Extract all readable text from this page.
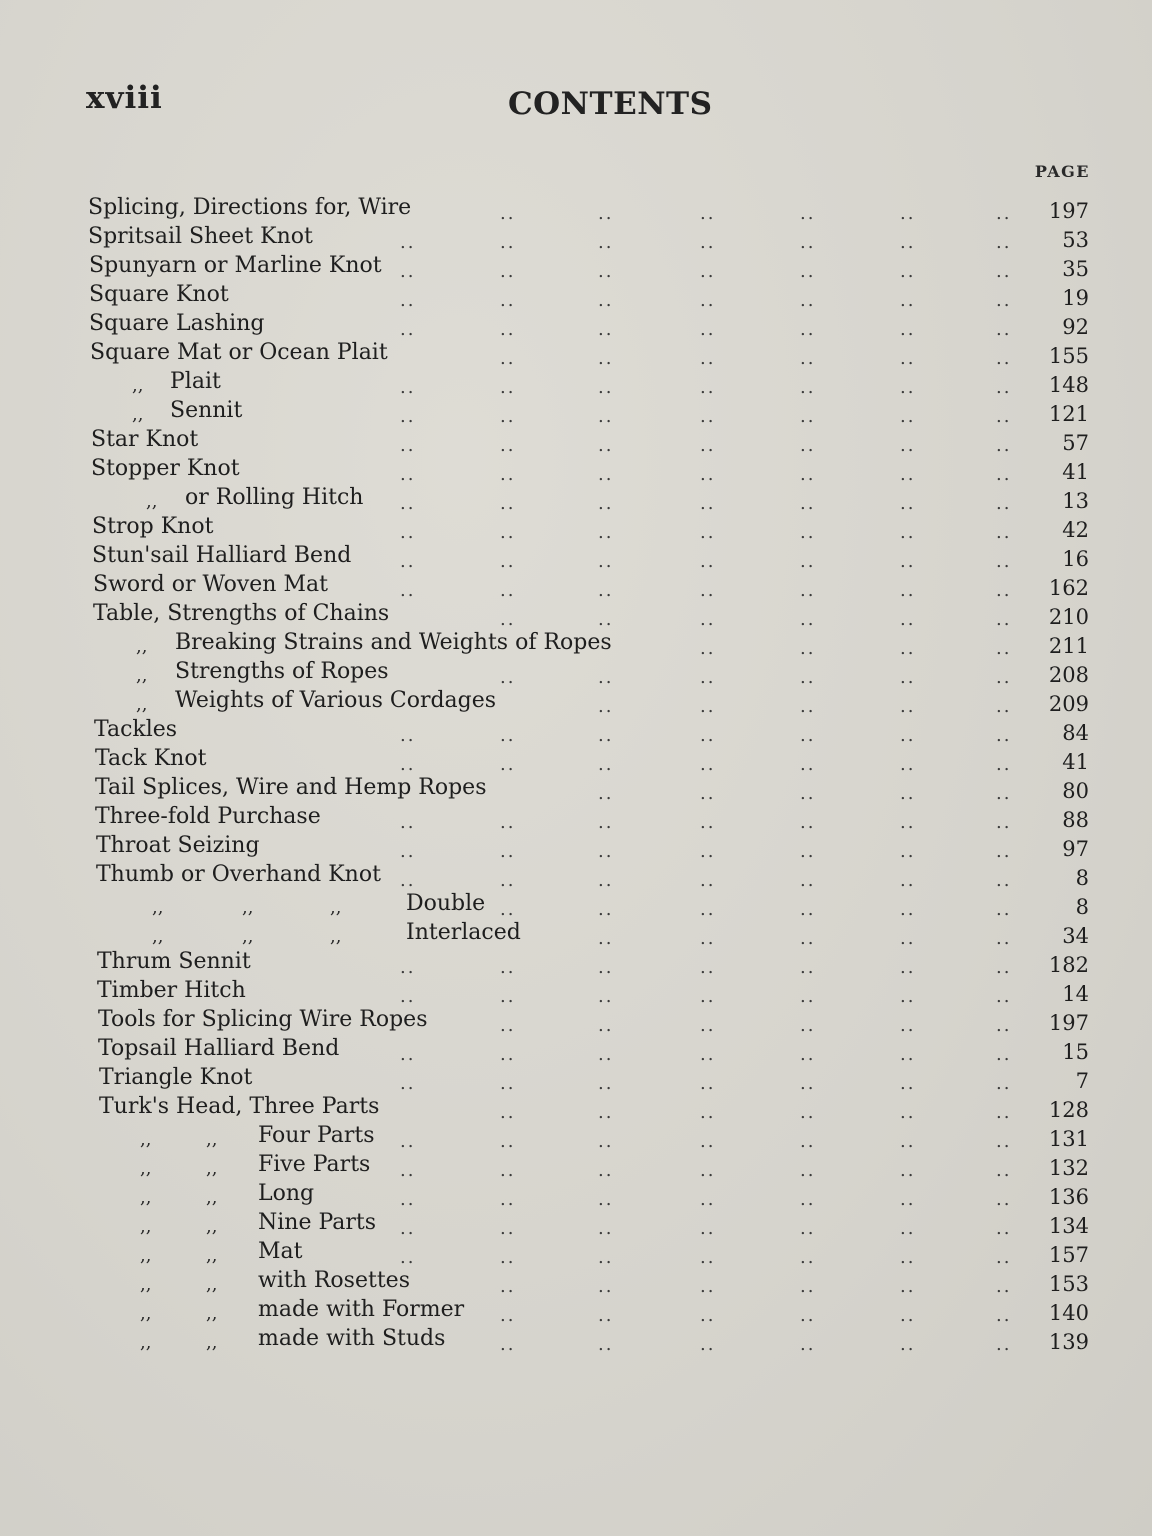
xviii	CONTENTS
PAGE
Splicing, Directions for, Wire	..	..	..	..	..	.. 197
Spritsail Sheet Knot	..	..	..	..	..	..	.. 53
Spunyarn or Marline Knot ..	..	..	..	..	..	.. 35
Square Knot	..	..	..	..	..	..	.. 19
Square Lashing	..	..	..	..	..	..	.. 92
Square Mat or Ocean Plait	..	..	..	..	..	.. 155
,, Plait	..	..	..	..	..	..	.. 148
,, Sennit	..	..	..	..	..	..	.. 121
Star Knot	..	..	..	..	..	..	.. 57
Stopper Knot	..	..	..	..	..	..	.. 41
,, or Rolling Hitch ..	..	..	..	..	..	.. 13
Strop Knot	..	..	..	..	..	..	.. 42
Stun'sail Halliard Bend	..	..	..	..	..	..	.. 16
Sword or Woven Mat	..	..	..	..	..	..	.. 162
Table, Strengths of Chains	..	..	..	..	..	.. 210
,, Breaking Strains and Weights of Ropes	..	..	..	.. 211
,, Strengths of Ropes	..	..	..	..	..	.. 208
,, Weights of Various Cordages	..	..	..	..	.. 209
Tackles	..	..	..	..	..	..	.. 84
Tack Knot	..	..	..	..	..	..	.. 41
Tail Splices, Wire and Hemp Ropes	..	..	..	..	.. 80
Three-fold Purchase	..	..	..	..	..	..	.. 88
Throat Seizing	..	..	..	..	..	..	.. 97
Thumb or Overhand Knot ..	..	..	..	..	..	..	8
,,	,,	,,	Double ..	..	..	..	..	..	8
,,	,,	,,	Interlaced	..	..	..	..	.. 34
Thrum Sennit	..	..	..	..	..	..	.. 182
Timber Hitch	..	..	..	..	..	..	.. 14
Tools for Splicing Wire Ropes	..	..	..	..	..	.. 197
Topsail Halliard Bend	..	..	..	..	..	..	.. 15
Triangle Knot	..	..	..	..	..	..	..	7
Turk's Head, Three Parts	..	..	..	..	..	.. 128
,,	,, Four Parts ..	..	..	..	..	..	.. 131
,,	,, Five Parts ..	..	..	..	..	..	.. 132
,,	,, Long	..	..	..	..	..	..	.. 136
,,	,, Nine Parts ..	..	..	..	..	..	.. 134
,,	,, Mat	..	..	..	..	..	..	.. 157
,,	,, with Rosettes	..	..	..	..	..	.. 153
,,	,, made with Former ..	..	..	..	..	.. 140
,,	,, made with Studs	..	..	..	..	..	.. 139
